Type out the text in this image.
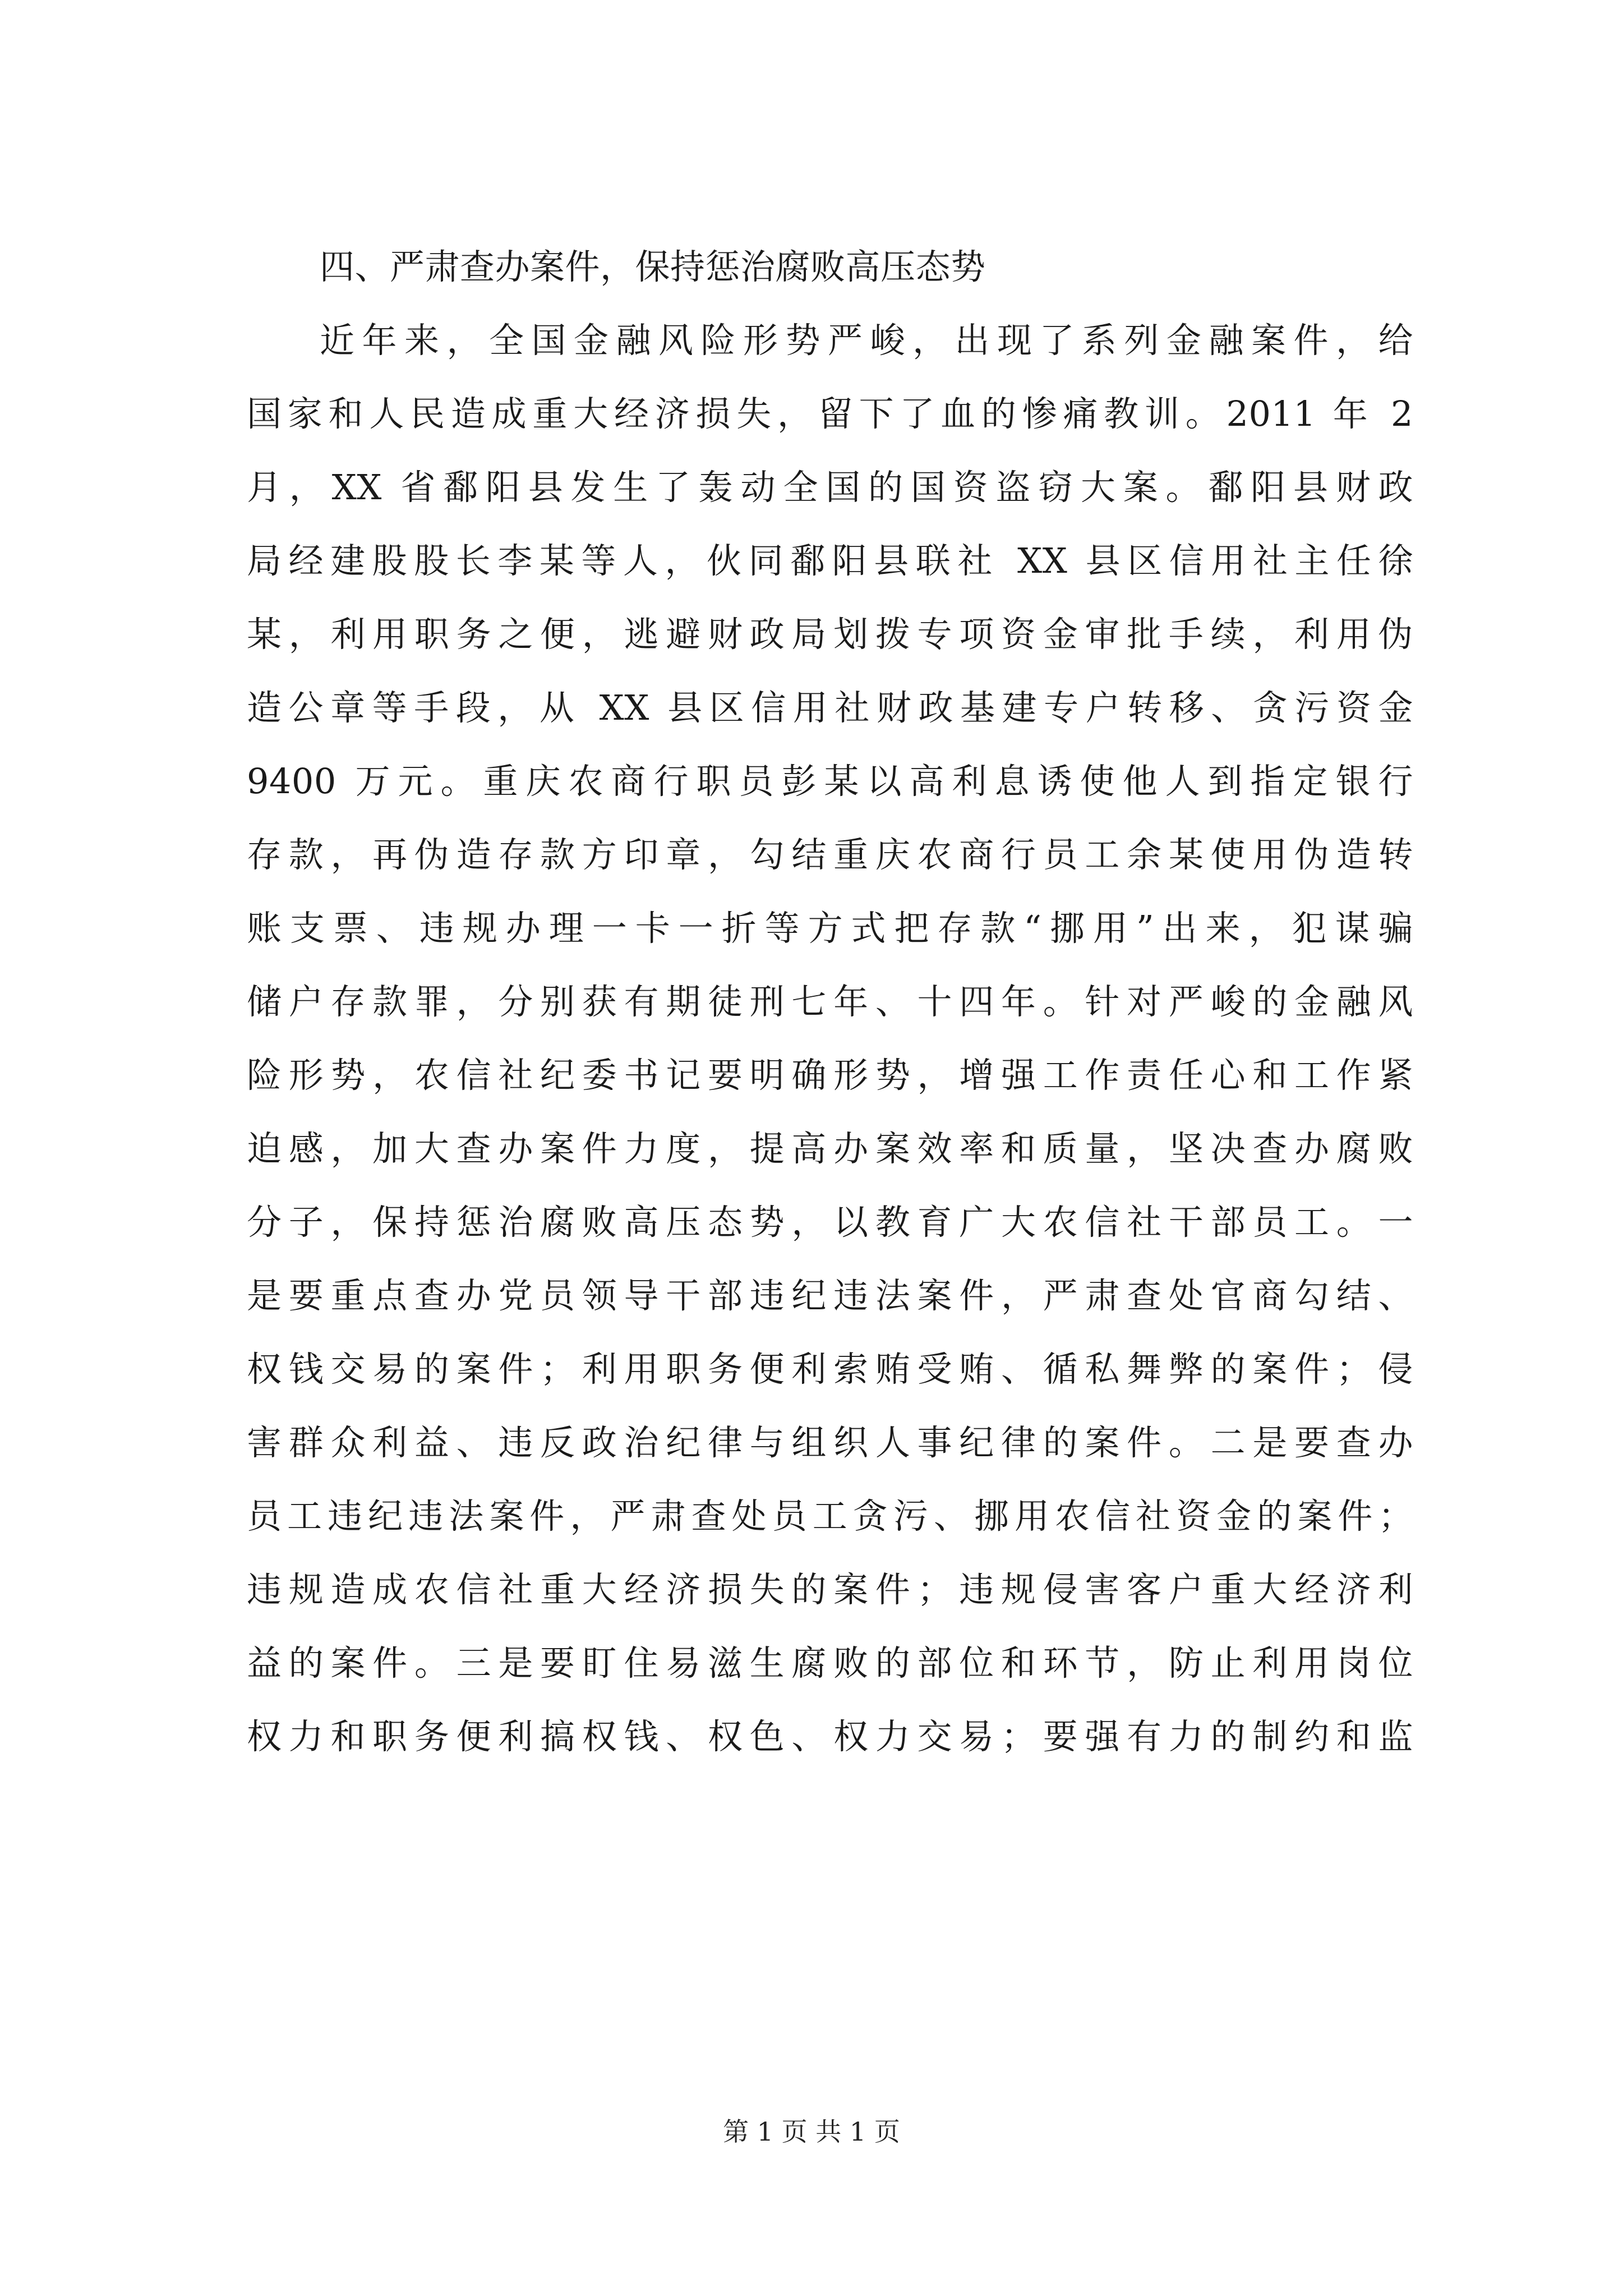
四、严肃查办案件，保持惩治腐败高压态势
近年来，全国金融风险形势严峻，出现了系列金融案件，给
国家和人民造成重大经济损失，留下了血的惨痛教训。2011 年 2
月，XX 省鄱阳县发生了轰动全国的国资盗窃大案。鄱阳县财政
局经建股股长李某等人，伙同鄱阳县联社 XX 县区信用社主任徐
某，利用职务之便，逃避财政局划拨专项资金审批手续，利用伪
造公章等手段，从 XX 县区信用社财政基建专户转移、贪污资金
9400 万元。重庆农商行职员彭某以高利息诱使他人到指定银行
存款，再伪造存款方印章，勾结重庆农商行员工余某使用伪造转
账支票、违规办理一卡一折等方式把存款“挪用”出来，犯谋骗
储户存款罪，分别获有期徒刑七年、十四年。针对严峻的金融风
险形势，农信社纪委书记要明确形势，增强工作责任心和工作紧
迫感，加大查办案件力度，提高办案效率和质量，坚决查办腐败
分子，保持惩治腐败高压态势，以教育广大农信社干部员工。一
是要重点查办党员领导干部违纪违法案件，严肃查处官商勾结、
权钱交易的案件；利用职务便利索贿受贿、循私舞弊的案件；侵
害群众利益、违反政治纪律与组织人事纪律的案件。二是要查办
员工违纪违法案件，严肃查处员工贪污、挪用农信社资金的案件；
违规造成农信社重大经济损失的案件；违规侵害客户重大经济利
益的案件。三是要盯住易滋生腐败的部位和环节，防止利用岗位
权力和职务便利搞权钱、权色、权力交易；要强有力的制约和监
第 1 页 共 1 页
